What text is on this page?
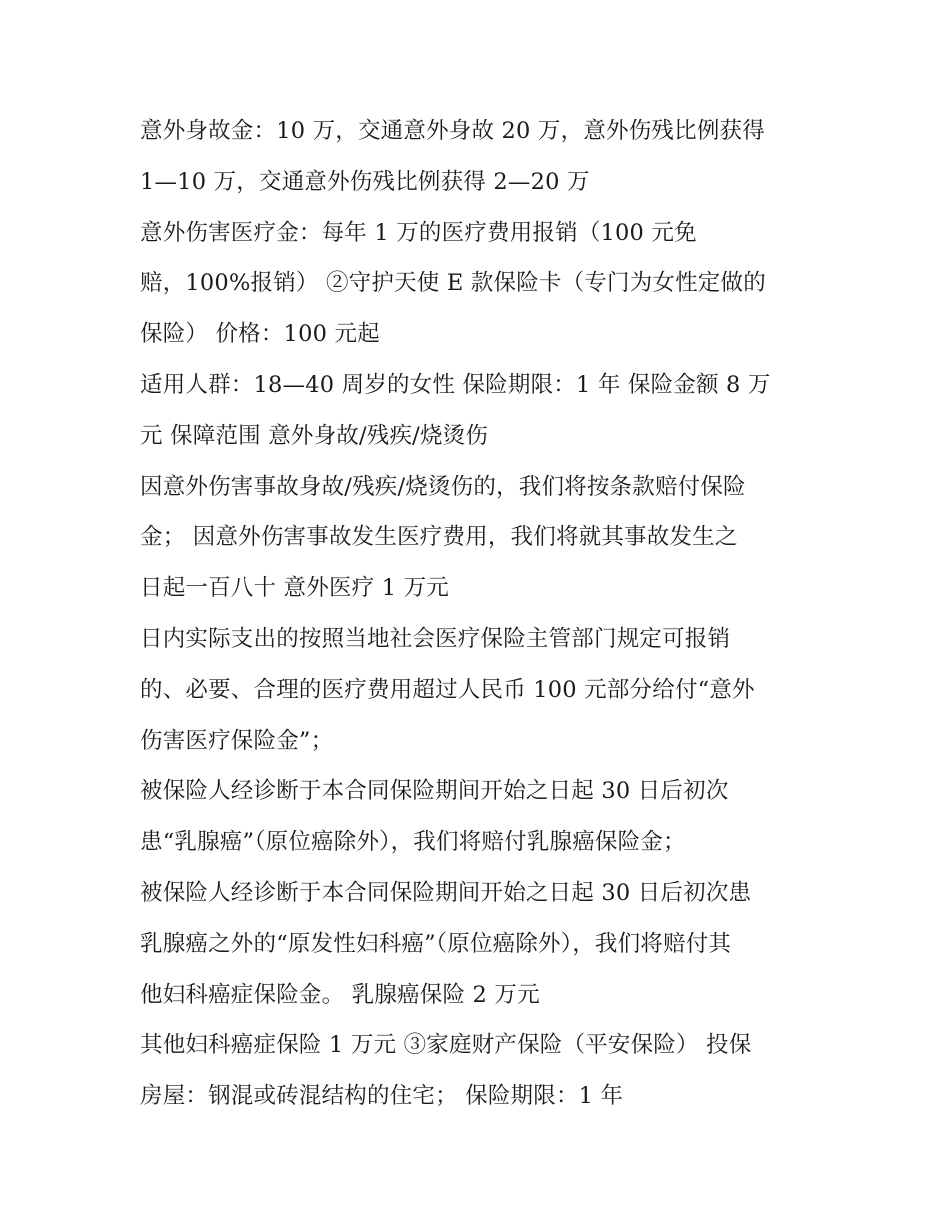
意外身故金：10 万，交通意外身故 20 万，意外伤残比例获得
1—10 万，交通意外伤残比例获得 2—20 万
意外伤害医疗金：每年 1 万的医疗费用报销（100 元免
赔，100%报销） ②守护天使 E 款保险卡（专门为女性定做的
保险） 价格：100 元起
适用人群：18—40 周岁的女性 保险期限：1 年 保险金额 8 万
元 保障范围 意外身故/残疾/烧烫伤
因意外伤害事故身故/残疾/烧烫伤的，我们将按条款赔付保险
金； 因意外伤害事故发生医疗费用，我们将就其事故发生之
日起一百八十 意外医疗 1 万元
日内实际支出的按照当地社会医疗保险主管部门规定可报销
的、必要、合理的医疗费用超过人民币 100 元部分给付“意外
伤害医疗保险金”；
被保险人经诊断于本合同保险期间开始之日起 30 日后初次
患“乳腺癌”（原位癌除外），我们将赔付乳腺癌保险金；
被保险人经诊断于本合同保险期间开始之日起 30 日后初次患
乳腺癌之外的“原发性妇科癌”（原位癌除外），我们将赔付其
他妇科癌症保险金。 乳腺癌保险 2 万元
其他妇科癌症保险 1 万元 ③家庭财产保险（平安保险） 投保
房屋：钢混或砖混结构的住宅； 保险期限：1 年
